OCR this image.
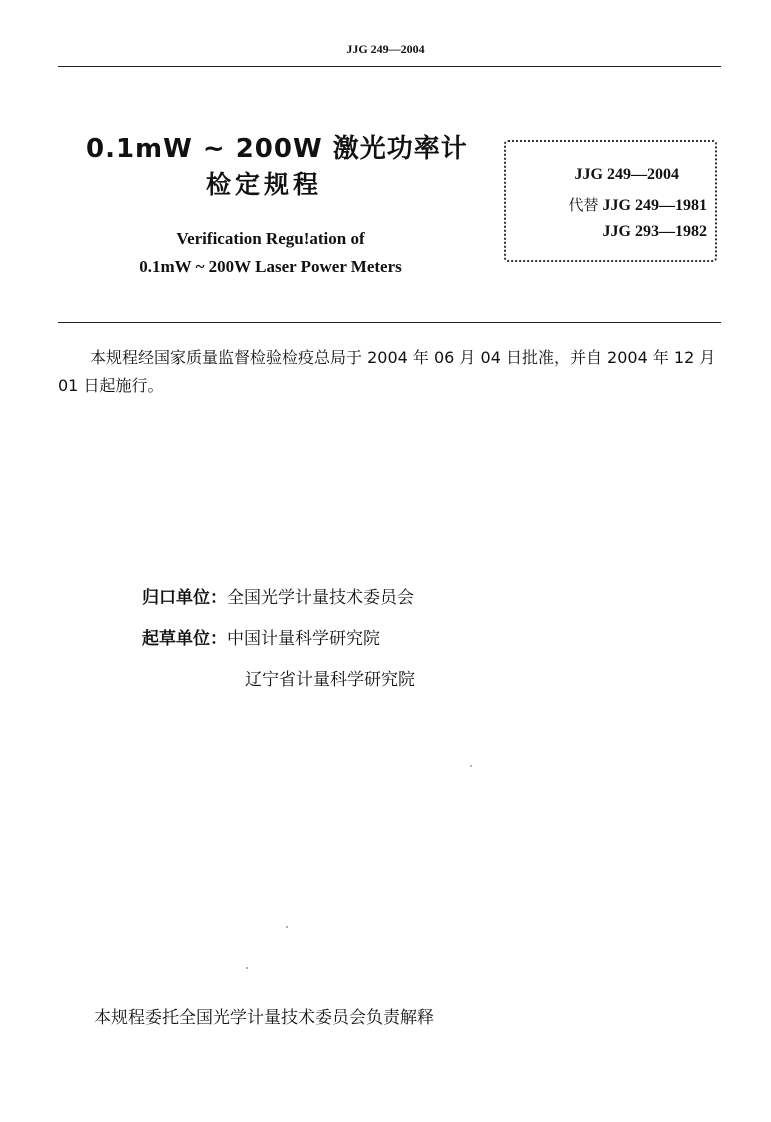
JJG 249—2004
0.1mW ~ 200W 激光功率计
检定规程
Verification Regu!ation of
0.1mW ~ 200W Laser Power Meters
JJG 249—2004
代替 JJG 249—1981
JJG 293—1982
本规程经国家质量监督检验检疫总局于 2004 年 06 月 04 日批准，并自 2004 年 12 月 01 日起施行。
归口单位：全国光学计量技术委员会
起草单位：中国计量科学研究院
辽宁省计量科学研究院
本规程委托全国光学计量技术委员会负责解释
